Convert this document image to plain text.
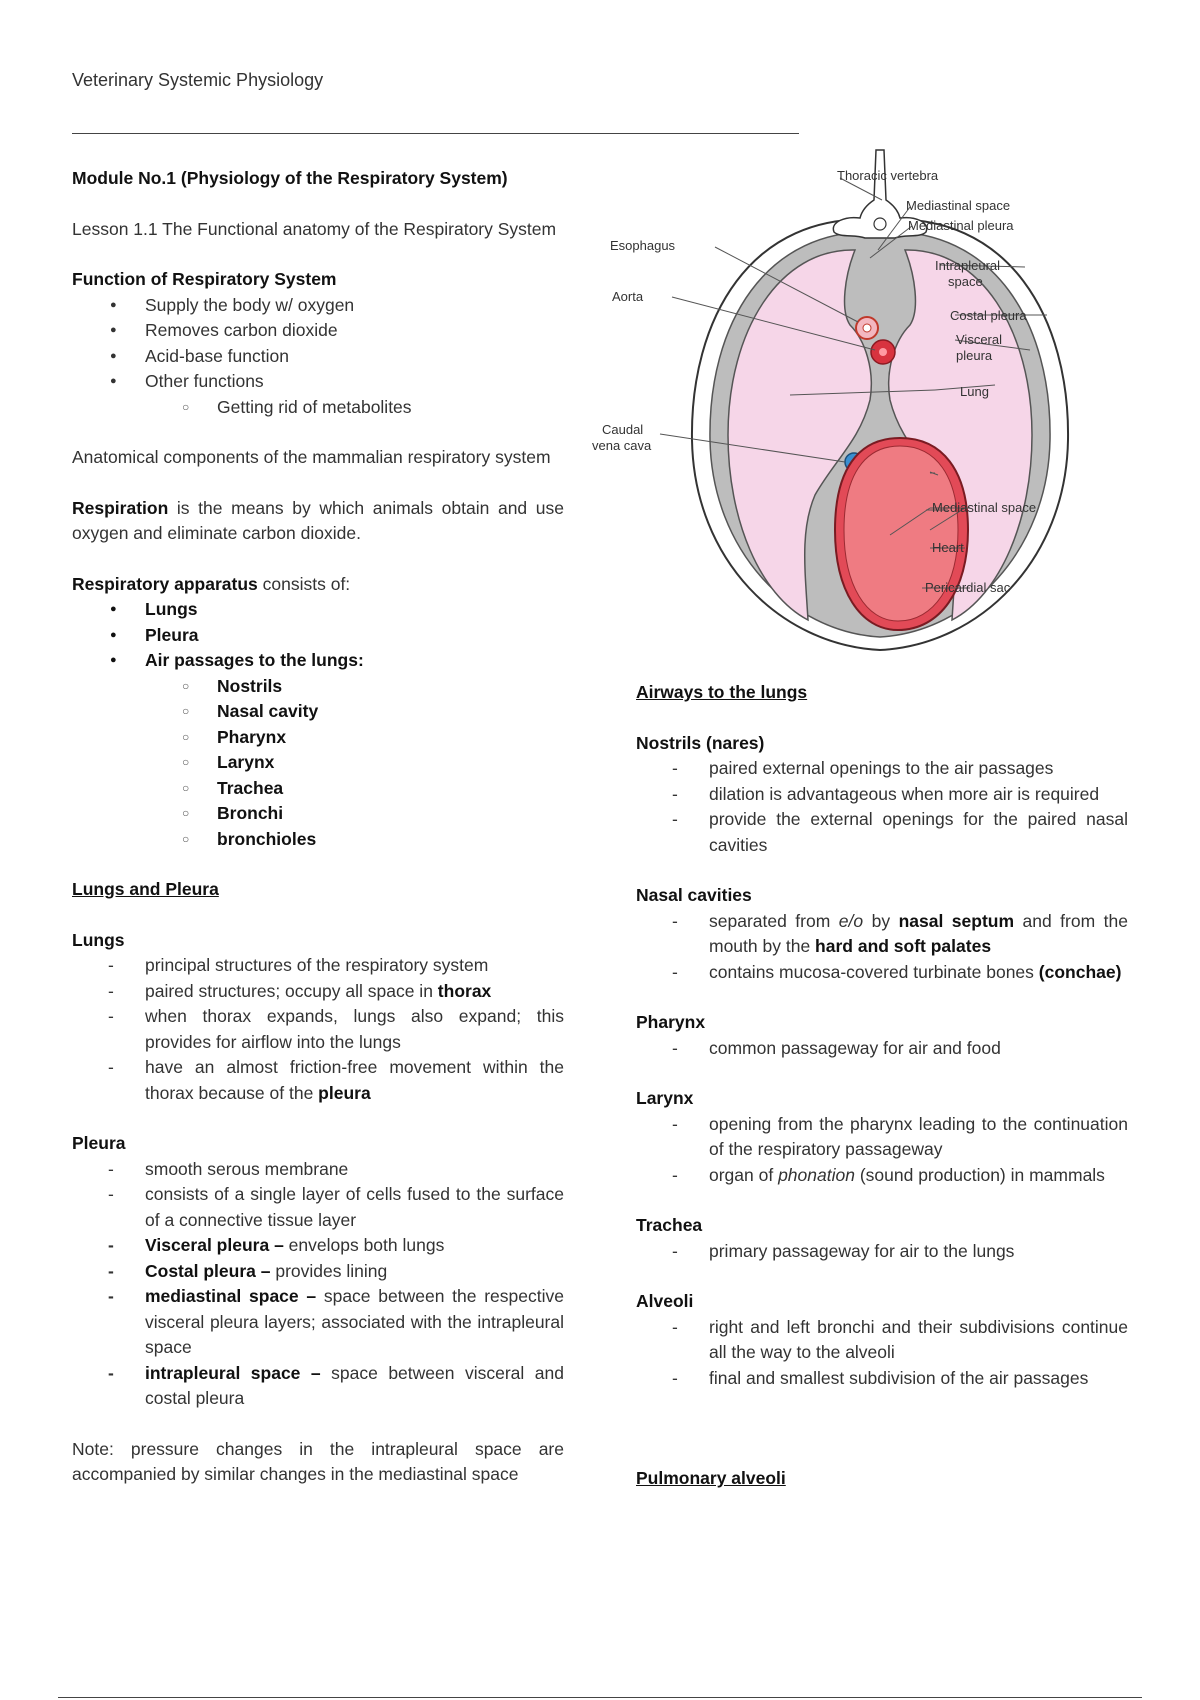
Veterinary Systemic Physiology

Module No.1 (Physiology of the Respiratory System)

Lesson 1.1 The Functional anatomy of the Respiratory System

Function of Respiratory System

● Supply the body w/ oxygen
● Removes carbon dioxide
● Acid-base function
● Other functions
○ Getting rid of metabolites

Anatomical components of the mammalian respiratory system

Respiration is the means by which animals obtain and use oxygen and eliminate carbon dioxide.

Respiratory apparatus consists of:

● Lungs
● Pleura
● Air passages to the lungs:
○ Nostrils
○ Nasal cavity
○ Pharynx
○ Larynx
○ Trachea
○ Bronchi
○ bronchioles

Lungs and Pleura

Lungs

- principal structures of the respiratory system
- paired structures; occupy all space in thorax
- when thorax expands, lungs also expand; this provides for airflow into the lungs
- have an almost friction-free movement within the thorax because of the pleura

Pleura

- smooth serous membrane
- consists of a single layer of cells fused to the surface of a connective tissue layer
- Visceral pleura – envelops both lungs
- Costal pleura – provides lining
- mediastinal space – space between the respective visceral pleura layers; associated with the intrapleural space
- intrapleural space – space between visceral and costal pleura

Note: pressure changes in the intrapleural space are accompanied by similar changes in the mediastinal space

Thoracic vertebra
Mediastinal space
Mediastinal pleura
Esophagus
Intrapleural
space
Aorta
Costal pleura
Visceral
pleura
Lung
Caudal
vena cava
Mediastinal space
Heart
Pericardial sac

Airways to the lungs

Nostrils (nares)

- paired external openings to the air passages
- dilation is advantageous when more air is required
- provide the external openings for the paired nasal cavities

Nasal cavities

- separated from e/o by nasal septum and from the mouth by the hard and soft palates
- contains mucosa-covered turbinate bones (conchae)

Pharynx

- common passageway for air and food

Larynx

- opening from the pharynx leading to the continuation of the respiratory passageway
- organ of phonation (sound production) in mammals

Trachea

- primary passageway for air to the lungs

Alveoli

- right and left bronchi and their subdivisions continue all the way to the alveoli
- final and smallest subdivision of the air passages

Pulmonary alveoli
